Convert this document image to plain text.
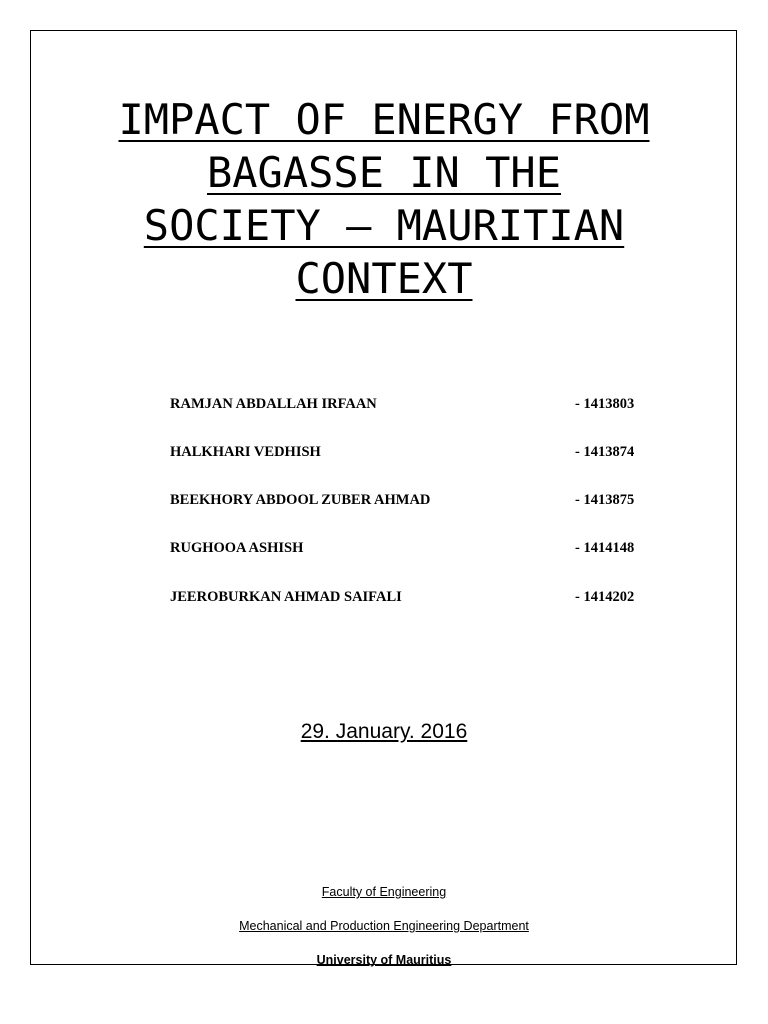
IMPACT OF ENERGY FROM
BAGASSE IN THE
SOCIETY – MAURITIAN
CONTEXT
RAMJAN ABDALLAH IRFAAN	- 1413803
HALKHARI VEDHISH	- 1413874
BEEKHORY ABDOOL ZUBER AHMAD	- 1413875
RUGHOOA ASHISH	- 1414148
JEEROBURKAN AHMAD SAIFALI	- 1414202
29. January. 2016
Faculty of Engineering
Mechanical and Production Engineering Department
University of Mauritius
